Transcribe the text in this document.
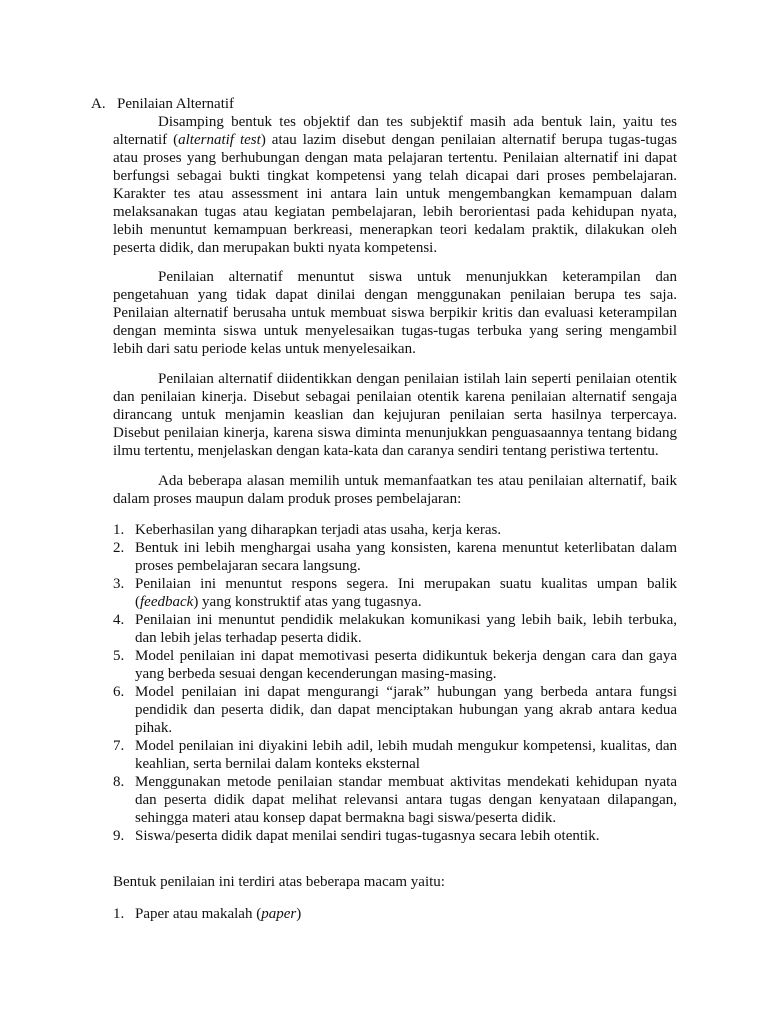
A. Penilaian Alternatif

Disamping bentuk tes objektif dan tes subjektif masih ada bentuk lain, yaitu tes alternatif (alternatif test) atau lazim disebut dengan penilaian alternatif berupa tugas-tugas atau proses yang berhubungan dengan mata pelajaran tertentu. Penilaian alternatif ini dapat berfungsi sebagai bukti tingkat kompetensi yang telah dicapai dari proses pembelajaran. Karakter tes atau assessment ini antara lain untuk mengembangkan kemampuan dalam melaksanakan tugas atau kegiatan pembelajaran, lebih berorientasi pada kehidupan nyata, lebih menuntut kemampuan berkreasi, menerapkan teori kedalam praktik, dilakukan oleh peserta didik, dan merupakan bukti nyata kompetensi.

Penilaian alternatif menuntut siswa untuk menunjukkan keterampilan dan pengetahuan yang tidak dapat dinilai dengan menggunakan penilaian berupa tes saja. Penilaian alternatif berusaha untuk membuat siswa berpikir kritis dan evaluasi keterampilan dengan meminta siswa untuk menyelesaikan tugas-tugas terbuka yang sering mengambil lebih dari satu periode kelas untuk menyelesaikan.

Penilaian alternatif diidentikkan dengan penilaian istilah lain seperti penilaian otentik dan penilaian kinerja. Disebut sebagai penilaian otentik karena penilaian alternatif sengaja dirancang untuk menjamin keaslian dan kejujuran penilaian serta hasilnya terpercaya. Disebut penilaian kinerja, karena siswa diminta menunjukkan penguasaannya tentang bidang ilmu tertentu, menjelaskan dengan kata-kata dan caranya sendiri tentang peristiwa tertentu.

Ada beberapa alasan memilih untuk memanfaatkan tes atau penilaian alternatif, baik dalam proses maupun dalam produk proses pembelajaran:

1. Keberhasilan yang diharapkan terjadi atas usaha, kerja keras.
2. Bentuk ini lebih menghargai usaha yang konsisten, karena menuntut keterlibatan dalam proses pembelajaran secara langsung.
3. Penilaian ini menuntut respons segera. Ini merupakan suatu kualitas umpan balik (feedback) yang konstruktif atas yang tugasnya.
4. Penilaian ini menuntut pendidik melakukan komunikasi yang lebih baik, lebih terbuka, dan lebih jelas terhadap peserta didik.
5. Model penilaian ini dapat memotivasi peserta didikuntuk bekerja dengan cara dan gaya yang berbeda sesuai dengan kecenderungan masing-masing.
6. Model penilaian ini dapat mengurangi “jarak” hubungan yang berbeda antara fungsi pendidik dan peserta didik, dan dapat menciptakan hubungan yang akrab antara kedua pihak.
7. Model penilaian ini diyakini lebih adil, lebih mudah mengukur kompetensi, kualitas, dan keahlian, serta bernilai dalam konteks eksternal
8. Menggunakan metode penilaian standar membuat aktivitas mendekati kehidupan nyata dan peserta didik dapat melihat relevansi antara tugas dengan kenyataan dilapangan, sehingga materi atau konsep dapat bermakna bagi siswa/peserta didik.
9. Siswa/peserta didik dapat menilai sendiri tugas-tugasnya secara lebih otentik.
Bentuk penilaian ini terdiri atas beberapa macam yaitu:
1. Paper atau makalah (paper)
